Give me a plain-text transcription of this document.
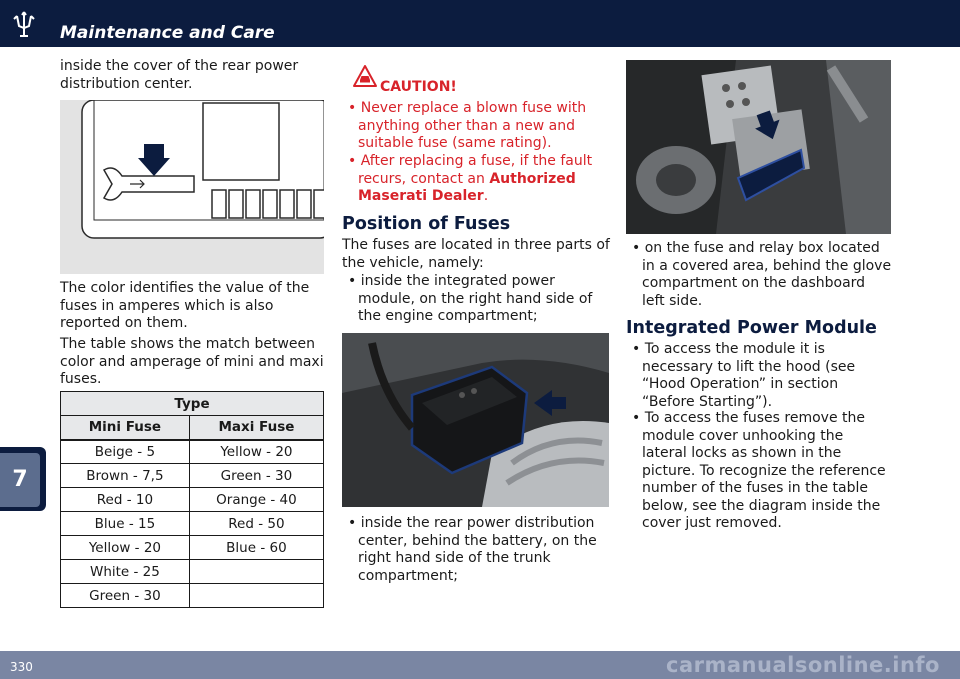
Maintenance and Care
7
inside the cover of the rear power distribution center.
The color identifies the value of the fuses in amperes which is also reported on them.
The table shows the match between color and amperage of mini and maxi fuses.
Type	
Mini Fuse	Maxi Fuse
Beige - 5	Yellow - 20
Brown - 7,5	Green - 30
Red - 10	Orange - 40
Blue - 15	Red - 50
Yellow - 20	Blue - 60
White - 25	
Green - 30	
CAUTION!
• Never replace a blown fuse with anything other than a new and suitable fuse (same rating).
• After replacing a fuse, if the fault recurs, contact an Authorized Maserati Dealer.
Position of Fuses
The fuses are located in three parts of the vehicle, namely:
• inside the integrated power module, on the right hand side of the engine compartment;
• inside the rear power distribution center, behind the battery, on the right hand side of the trunk compartment;
• on the fuse and relay box located in a covered area, behind the glove compartment on the dashboard left side.
Integrated Power Module
• To access the module it is necessary to lift the hood (see “Hood Operation” in section “Before Starting”).
• To access the fuses remove the module cover unhooking the lateral locks as shown in the picture. To recognize the reference number of the fuses in the table below, see the diagram inside the cover just removed.
330	carmanualsonline.info
